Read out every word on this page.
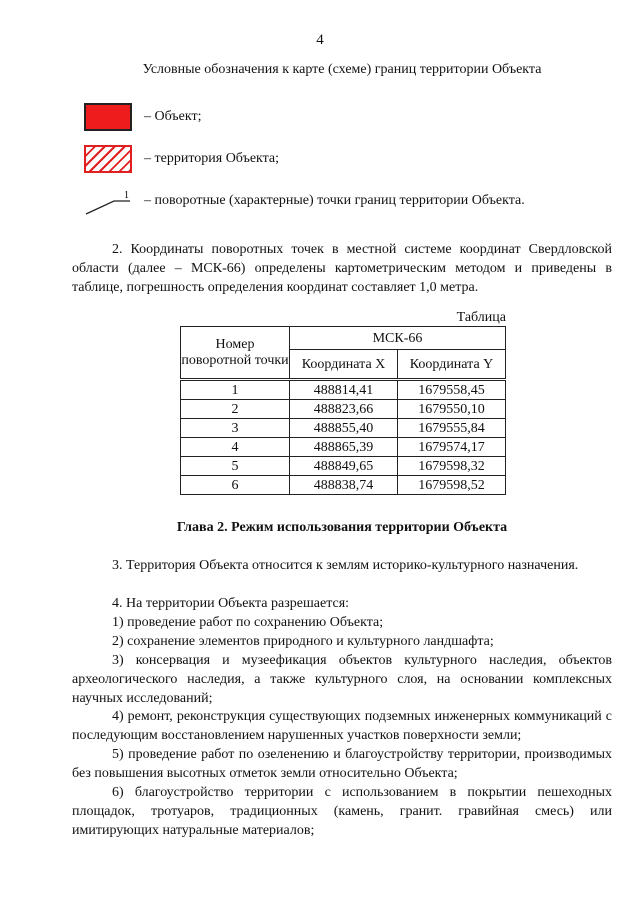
4
Условные обозначения к карте (схеме) границ территории Объекта
– Объект;
– территория Объекта;
1 – поворотные (характерные) точки границ территории Объекта.
2. Координаты поворотных точек в местной системе координат Свердловской области (далее – МСК-66) определены картометрическим методом и приведены в таблице, погрешность определения координат составляет 1,0 метра.
Таблица
Номер поворотной точки	МСК-66	
	Координата X	Координата Y
1	488814,41	1679558,45
2	488823,66	1679550,10
3	488855,40	1679555,84
4	488865,39	1679574,17
5	488849,65	1679598,32
6	488838,74	1679598,52
Глава 2. Режим использования территории Объекта
3. Территория Объекта относится к землям историко-культурного назначения.
4. На территории Объекта разрешается:
1) проведение работ по сохранению Объекта;
2) сохранение элементов природного и культурного ландшафта;
3) консервация и музеефикация объектов культурного наследия, объектов археологического наследия, а также культурного слоя, на основании комплексных научных исследований;
4) ремонт, реконструкция существующих подземных инженерных коммуникаций с последующим восстановлением нарушенных участков поверхности земли;
5) проведение работ по озеленению и благоустройству территории, производимых без повышения высотных отметок земли относительно Объекта;
6) благоустройство территории с использованием в покрытии пешеходных площадок, тротуаров, традиционных (камень, гранит. гравийная смесь) или имитирующих натуральные материалов;
